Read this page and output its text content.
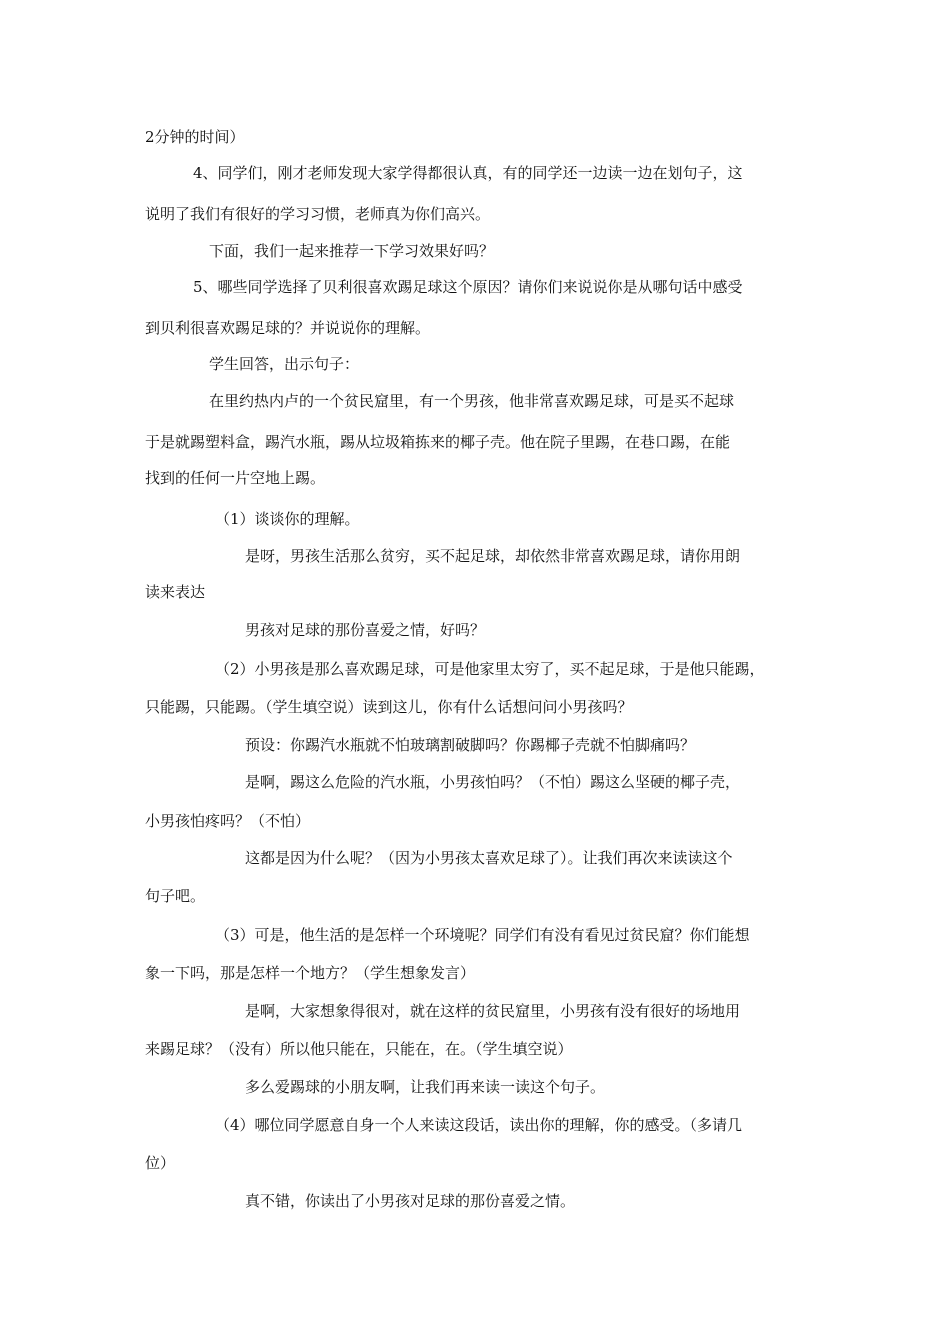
2分钟的时间）

4、同学们，刚才老师发现大家学得都很认真，有的同学还一边读一边在划句子，这

说明了我们有很好的学习习惯，老师真为你们高兴。

下面，我们一起来推荐一下学习效果好吗？

5、哪些同学选择了贝利很喜欢踢足球这个原因？请你们来说说你是从哪句话中感受

到贝利很喜欢踢足球的？并说说你的理解。

学生回答，出示句子：

在里约热内卢的一个贫民窟里，有一个男孩，他非常喜欢踢足球，可是买不起球

于是就踢塑料盒，踢汽水瓶，踢从垃圾箱拣来的椰子壳。他在院子里踢，在巷口踢，在能

找到的任何一片空地上踢。

（1）谈谈你的理解。

是呀，男孩生活那么贫穷，买不起足球，却依然非常喜欢踢足球，请你用朗

读来表达

男孩对足球的那份喜爱之情，好吗？

（2）小男孩是那么喜欢踢足球，可是他家里太穷了，买不起足球，于是他只能踢，

只能踢，只能踢。（学生填空说）读到这儿，你有什么话想问问小男孩吗？

预设：你踢汽水瓶就不怕玻璃割破脚吗？你踢椰子壳就不怕脚痛吗？

是啊，踢这么危险的汽水瓶，小男孩怕吗？（不怕）踢这么坚硬的椰子壳，

小男孩怕疼吗？（不怕）

这都是因为什么呢？（因为小男孩太喜欢足球了）。让我们再次来读读这个

句子吧。

（3）可是，他生活的是怎样一个环境呢？同学们有没有看见过贫民窟？你们能想

象一下吗，那是怎样一个地方？（学生想象发言）

是啊，大家想象得很对，就在这样的贫民窟里，小男孩有没有很好的场地用

来踢足球？（没有）所以他只能在，只能在，在。（学生填空说）

多么爱踢球的小朋友啊，让我们再来读一读这个句子。

（4）哪位同学愿意自身一个人来读这段话，读出你的理解，你的感受。（多请几

位）

真不错，你读出了小男孩对足球的那份喜爱之情。
